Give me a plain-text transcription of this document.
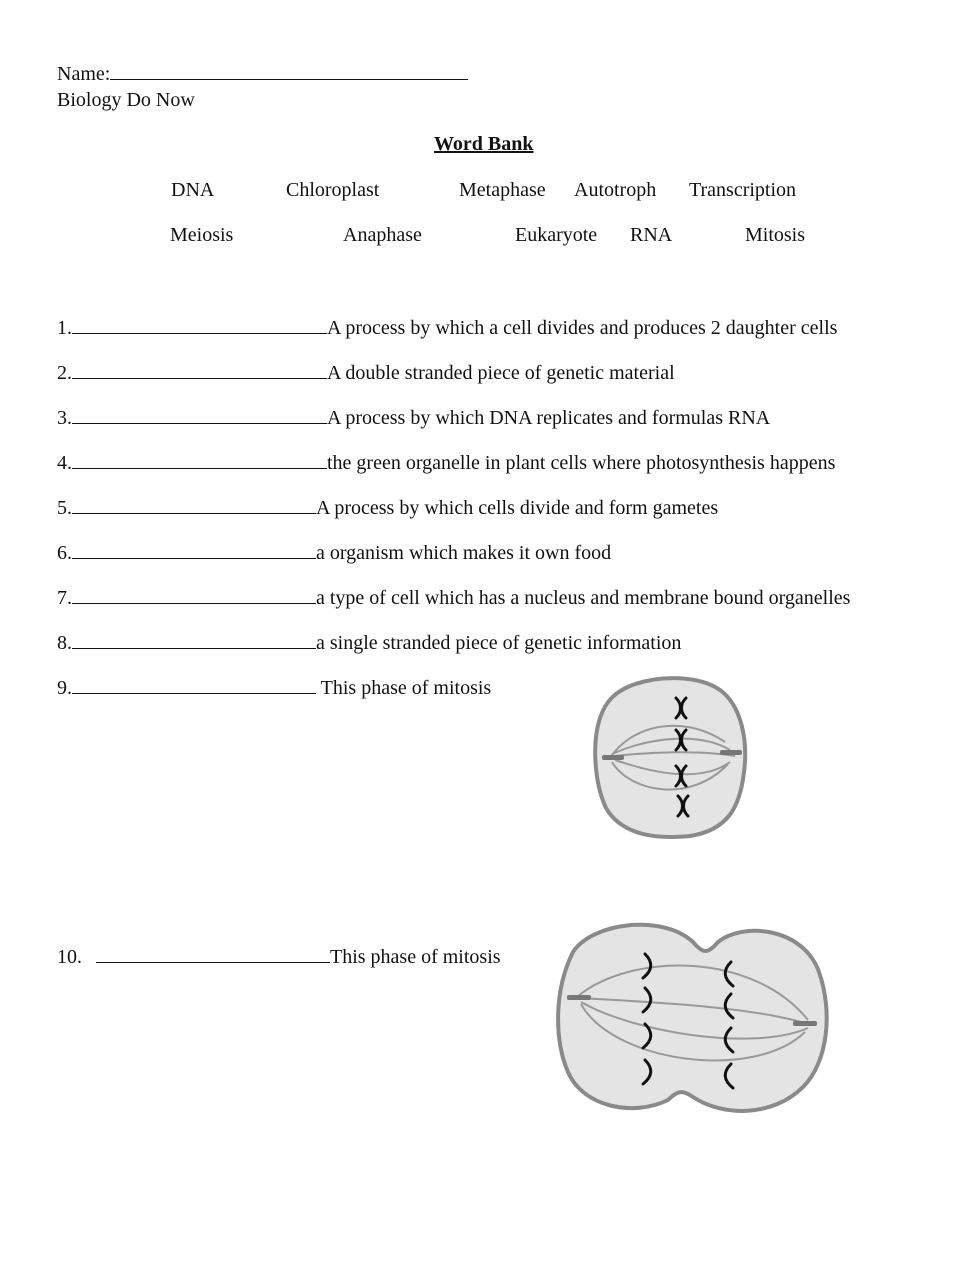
Name:
Biology Do Now
Word Bank
DNA	Chloroplast	Metaphase Autotroph Transcription
Meiosis	Anaphase	Eukaryote RNA	Mitosis
1.	A process by which a cell divides and produces 2 daughter cells
2.	A double stranded piece of genetic material
3.	A process by which DNA replicates and formulas RNA
4.	the green organelle in plant cells where photosynthesis happens
5.	A process by which cells divide and form gametes
6.	a organism which makes it own food
7.	a type of cell which has a nucleus and membrane bound organelles
8.	a single stranded piece of genetic information
9.	This phase of mitosis
10.	This phase of mitosis
